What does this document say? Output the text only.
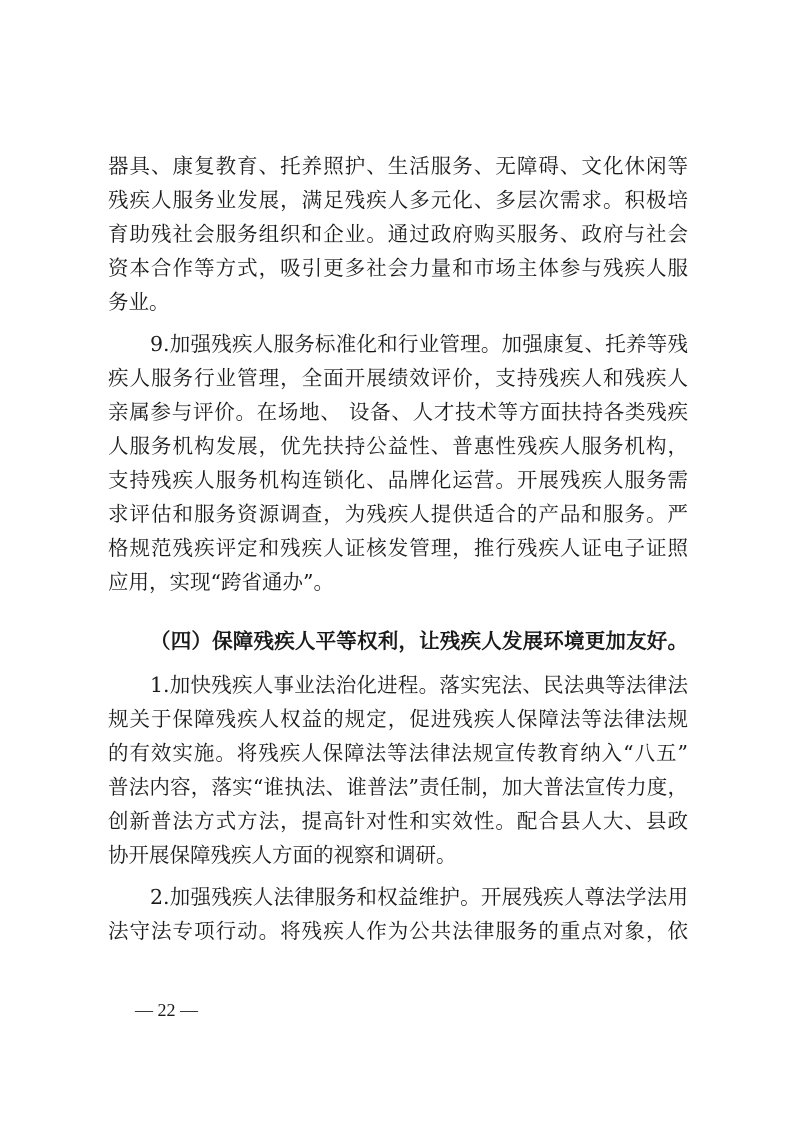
器具、康复教育、托养照护、生活服务、无障碍、文化休闲等
残疾人服务业发展，满足残疾人多元化、多层次需求。积极培
育助残社会服务组织和企业。通过政府购买服务、政府与社会
资本合作等方式，吸引更多社会力量和市场主体参与残疾人服
务业。
9.加强残疾人服务标准化和行业管理。加强康复、托养等残
疾人服务行业管理，全面开展绩效评价，支持残疾人和残疾人
亲属参与评价。在场地、 设备、人才技术等方面扶持各类残疾
人服务机构发展，优先扶持公益性、普惠性残疾人服务机构，
支持残疾人服务机构连锁化、品牌化运营。开展残疾人服务需
求评估和服务资源调查，为残疾人提供适合的产品和服务。严
格规范残疾评定和残疾人证核发管理，推行残疾人证电子证照
应用，实现“跨省通办”。
（四）保障残疾人平等权利，让残疾人发展环境更加友好。
1.加快残疾人事业法治化进程。落实宪法、民法典等法律法
规关于保障残疾人权益的规定，促进残疾人保障法等法律法规
的有效实施。将残疾人保障法等法律法规宣传教育纳入“八五”
普法内容，落实“谁执法、谁普法”责任制，加大普法宣传力度，
创新普法方式方法，提高针对性和实效性。配合县人大、县政
协开展保障残疾人方面的视察和调研。
2.加强残疾人法律服务和权益维护。开展残疾人尊法学法用
法守法专项行动。将残疾人作为公共法律服务的重点对象，依
— 22 —
